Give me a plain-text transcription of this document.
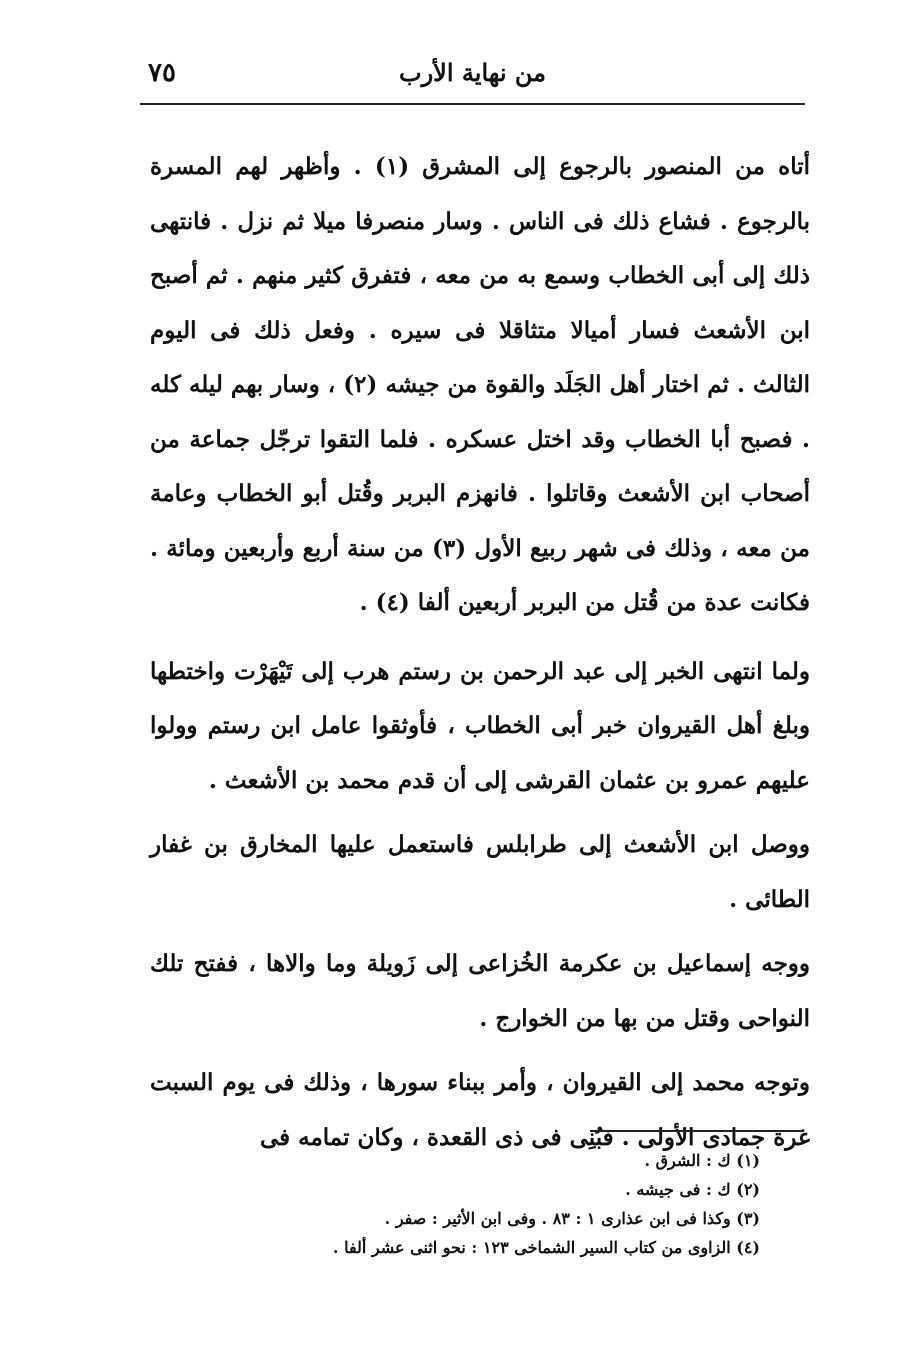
٧٥	من نهاية الأرب

أتاه من المنصور بالرجوع إلى المشرق (١) . وأظهر لهم المسرة بالرجوع . فشاع ذلك فى الناس . وسار منصرفا ميلا ثم نزل . فانتهى ذلك إلى أبى الخطاب وسمع به من معه ، فتفرق كثير منهم . ثم أصبح ابن الأشعث فسار أميالا متثاقلا فى سيره . وفعل ذلك فى اليوم الثالث . ثم اختار أهل الجَلَد والقوة من جيشه (٢) ، وسار بهم ليله كله . فصبح أبا الخطاب وقد اختل عسكره . فلما التقوا ترجّل جماعة من أصحاب ابن الأشعث وقاتلوا . فانهزم البربر وقُتل أبو الخطاب وعامة من معه ، وذلك فى شهر ربيع الأول (٣) من سنة أربع وأربعين ومائة . فكانت عدة من قُتل من البربر أربعين ألفا (٤) .

ولما انتهى الخبر إلى عبد الرحمن بن رستم هرب إلى تَيْهَرْت واختطها وبلغ أهل القيروان خبر أبى الخطاب ، فأوثقوا عامل ابن رستم وولوا عليهم عمرو بن عثمان القرشى إلى أن قدم محمد بن الأشعث .

ووصل ابن الأشعث إلى طرابلس فاستعمل عليها المخارق بن غفار الطائى .

ووجه إسماعيل بن عكرمة الخُزاعى إلى زَويلة وما والاها ، ففتح تلك النواحى وقتل من بها من الخوارج .

وتوجه محمد إلى القيروان ، وأمر ببناء سورها ، وذلك فى يوم السبت غرة جمادى الأولى . فبُنِى فى ذى القعدة ، وكان تمامه فى

(١) ك : الشرق .
(٢) ك : فى جيشه .
(٣) وكذا فى ابن عذارى ١ : ٨٣ . وفى ابن الأثير : صفر .
(٤) الزاوى من كتاب السير الشماخى ١٢٣ : نحو اثنى عشر ألفا .
